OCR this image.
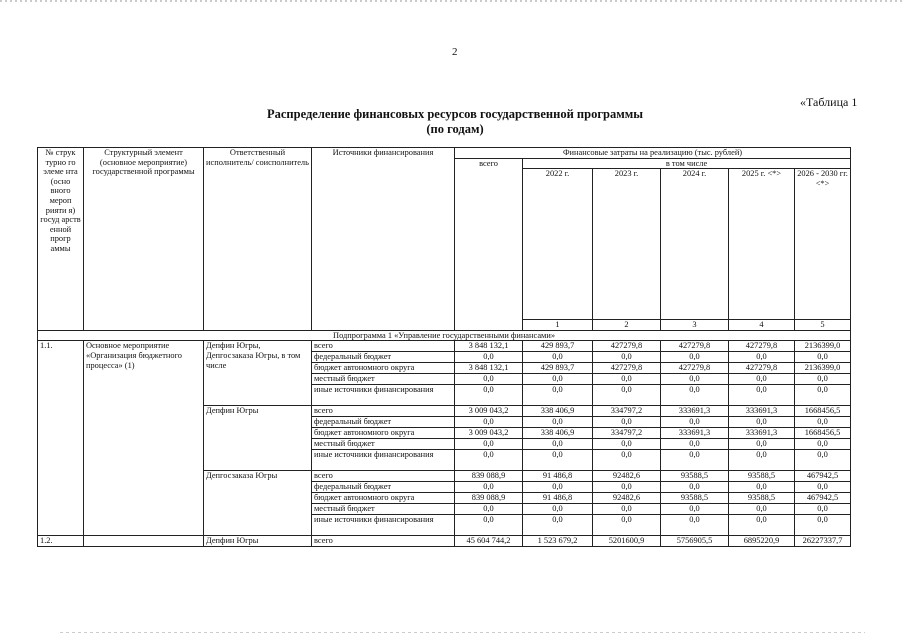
2
«Таблица 1
Распределение финансовых ресурсов государственной программы
(по годам)
№ струк турно го элеме нта (осно вного мероп рияти я) госуд арств енной прогр аммы	Структурный элемент (основное мероприятие) государственной программы	Ответственный исполнитель/ соисполнитель	Источники финансирования	Финансовые затраты на реализацию (тыс. рублей)						
				всего	в том числе					
					2022 г.	2023 г.	2024 г.	2025 г. <*>	2026 - 2030 гг. <*>	
					1	2	3	4	5					
Подпрограмма 1 «Управление государственными финансами»										
1.1.	Основное мероприятие «Организация бюджетного процесса» (1)	Депфин Югры, Депгосзаказа Югры, в том числе	всего	3 848 132,1	429 893,7	427279,8	427279,8	427279,8	2136399,0	
			федеральный бюджет	0,0	0,0	0,0	0,0	0,0	0,0	
			бюджет автономного округа	3 848 132,1	429 893,7	427279,8	427279,8	427279,8	2136399,0	
			местный бюджет	0,0	0,0	0,0	0,0	0,0	0,0	
			иные источники финансирования	0,0	0,0	0,0	0,0	0,0	0,0	
		Депфин Югры	всего	3 009 043,2	338 406,9	334797,2	333691,3	333691,3	1668456,5	
			федеральный бюджет	0,0	0,0	0,0	0,0	0,0	0,0	
			бюджет автономного округа	3 009 043,2	338 406,9	334797,2	333691,3	333691,3	1668456,5	
			местный бюджет	0,0	0,0	0,0	0,0	0,0	0,0	
			иные источники финансирования	0,0	0,0	0,0	0,0	0,0	0,0	
		Депгосзаказа Югры	всего	839 088,9	91 486,8	92482,6	93588,5	93588,5	467942,5	
			федеральный бюджет	0,0	0,0	0,0	0,0	0,0	0,0	
			бюджет автономного округа	839 088,9	91 486,8	92482,6	93588,5	93588,5	467942,5	
			местный бюджет	0,0	0,0	0,0	0,0	0,0	0,0	
			иные источники финансирования	0,0	0,0	0,0	0,0	0,0	0,0	
1.2.		Депфин Югры	всего	45 604 744,2	1 523 679,2	5201600,9	5756905,5	6895220,9	26227337,7	
